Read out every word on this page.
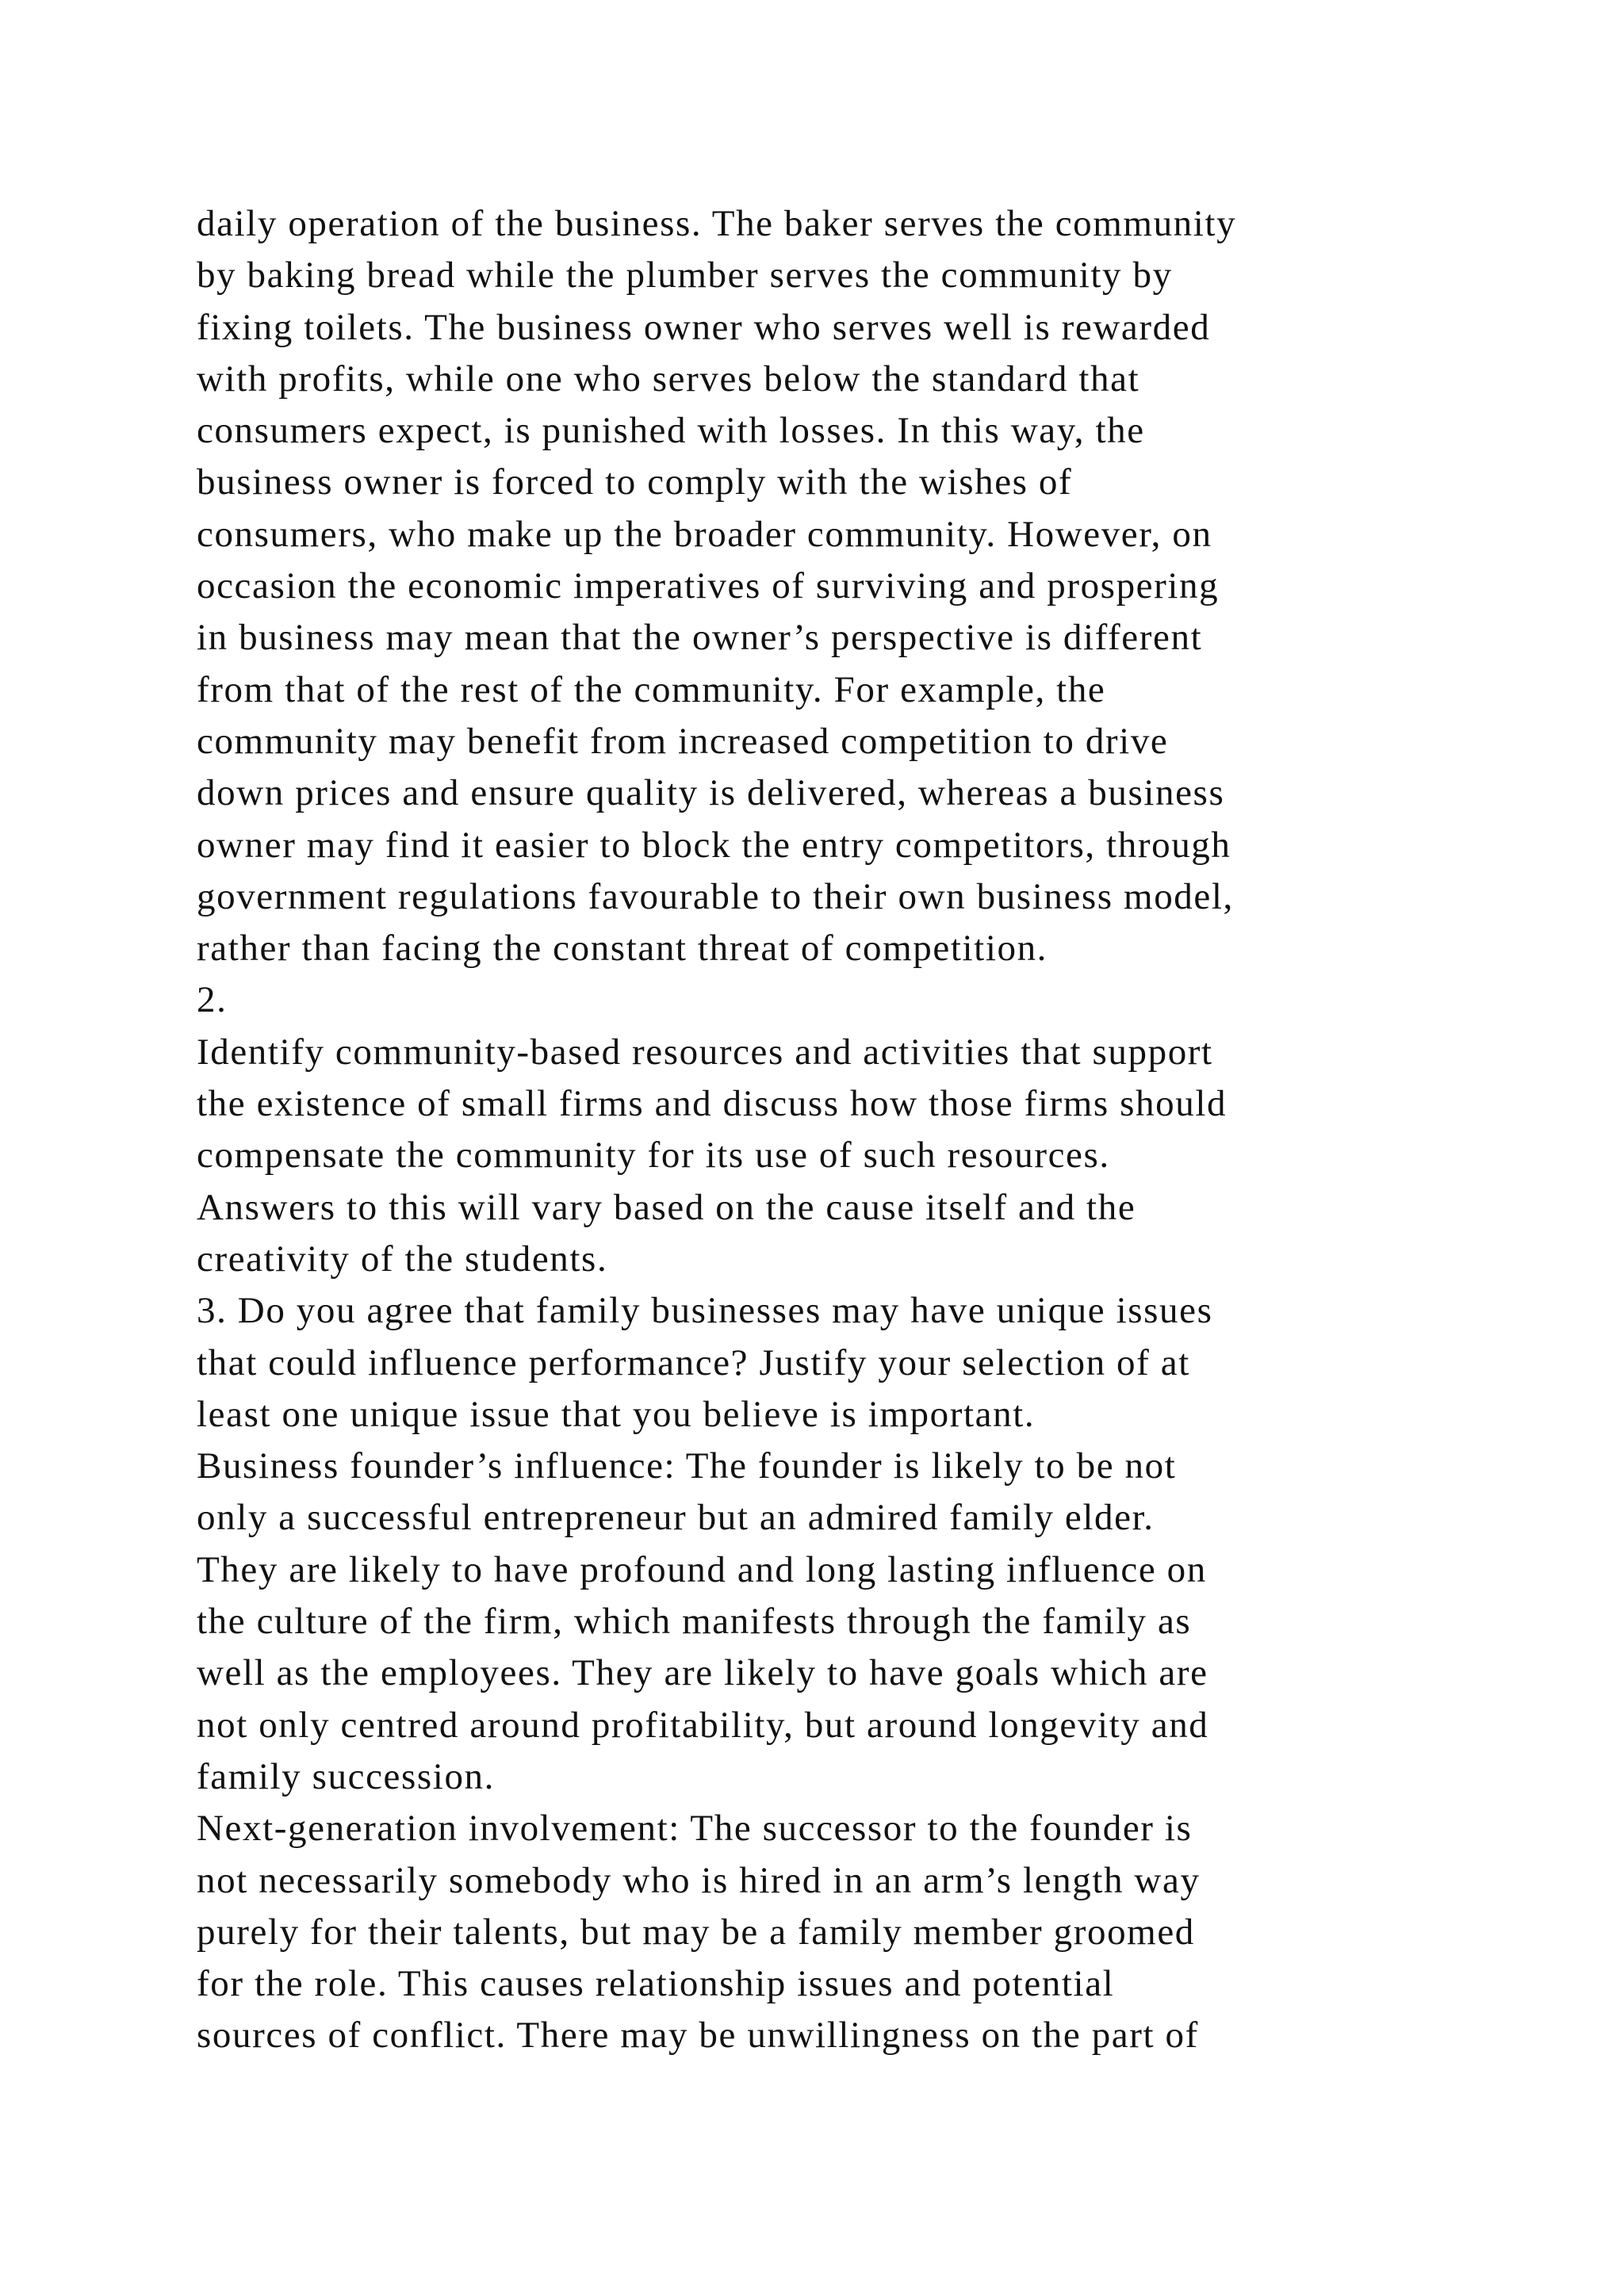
daily operation of the business. The baker serves the community
by baking bread while the plumber serves the community by
fixing toilets. The business owner who serves well is rewarded
with profits, while one who serves below the standard that
consumers expect, is punished with losses. In this way, the
business owner is forced to comply with the wishes of
consumers, who make up the broader community. However, on
occasion the economic imperatives of surviving and prospering
in business may mean that the owner’s perspective is different
from that of the rest of the community. For example, the
community may benefit from increased competition to drive
down prices and ensure quality is delivered, whereas a business
owner may find it easier to block the entry competitors, through
government regulations favourable to their own business model,
rather than facing the constant threat of competition.
2.
Identify community-based resources and activities that support
the existence of small firms and discuss how those firms should
compensate the community for its use of such resources.
Answers to this will vary based on the cause itself and the
creativity of the students.
3. Do you agree that family businesses may have unique issues
that could influence performance? Justify your selection of at
least one unique issue that you believe is important.
Business founder’s influence: The founder is likely to be not
only a successful entrepreneur but an admired family elder.
They are likely to have profound and long lasting influence on
the culture of the firm, which manifests through the family as
well as the employees. They are likely to have goals which are
not only centred around profitability, but around longevity and
family succession.
Next-generation involvement: The successor to the founder is
not necessarily somebody who is hired in an arm’s length way
purely for their talents, but may be a family member groomed
for the role. This causes relationship issues and potential
sources of conflict. There may be unwillingness on the part of
